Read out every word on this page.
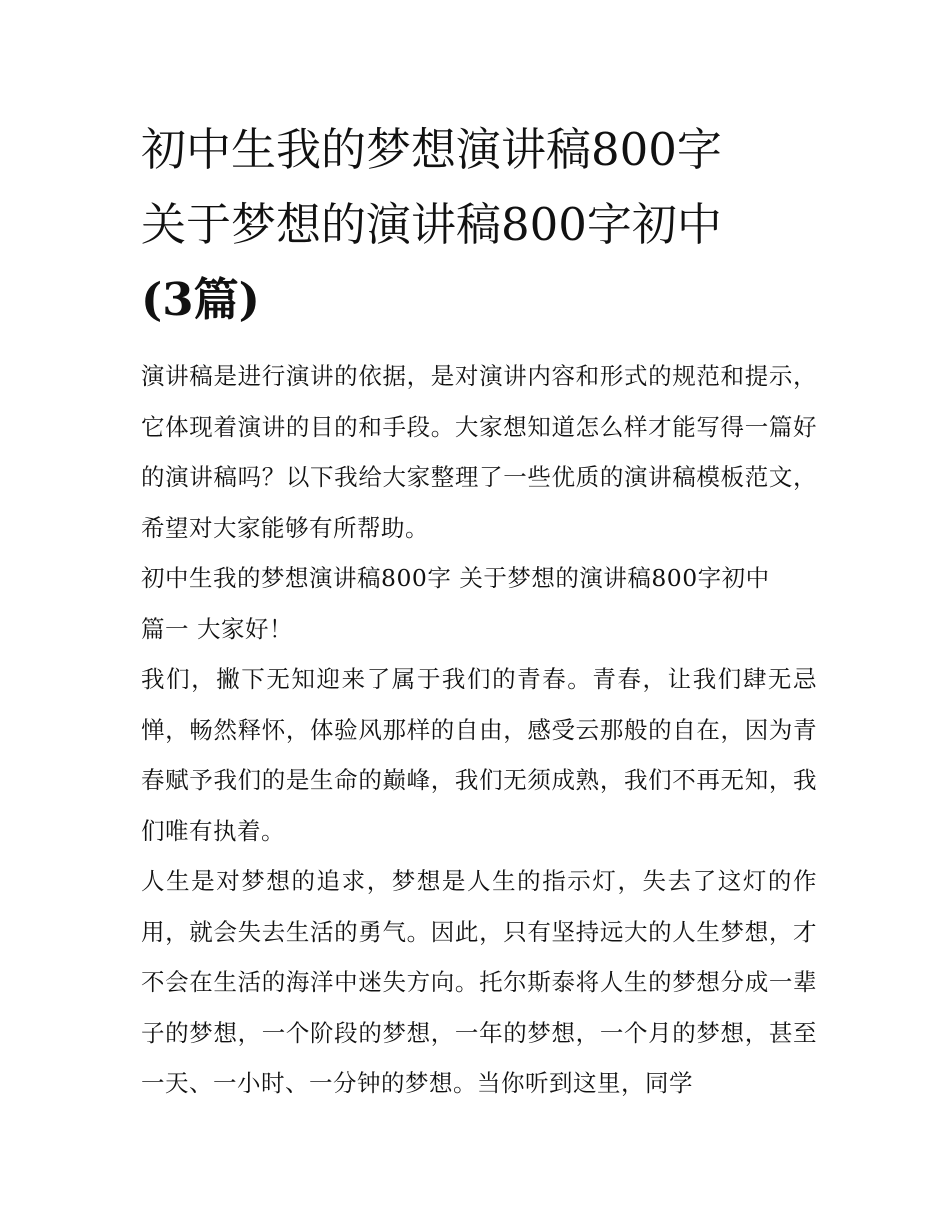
初中生我的梦想演讲稿800字
关于梦想的演讲稿800字初中
(3篇)

演讲稿是进行演讲的依据，是对演讲内容和形式的规范和提示，它体现着演讲的目的和手段。大家想知道怎么样才能写得一篇好的演讲稿吗？以下我给大家整理了一些优质的演讲稿模板范文，希望对大家能够有所帮助。

初中生我的梦想演讲稿800字 关于梦想的演讲稿800字初中

篇一 大家好！

我们，撇下无知迎来了属于我们的青春。青春，让我们肆无忌惮，畅然释怀，体验风那样的自由，感受云那般的自在，因为青春赋予我们的是生命的巅峰，我们无须成熟，我们不再无知，我们唯有执着。

人生是对梦想的追求，梦想是人生的指示灯，失去了这灯的作用，就会失去生活的勇气。因此，只有坚持远大的人生梦想，才不会在生活的海洋中迷失方向。托尔斯泰将人生的梦想分成一辈子的梦想，一个阶段的梦想，一年的梦想，一个月的梦想，甚至一天、一小时、一分钟的梦想。当你听到这里，同学
